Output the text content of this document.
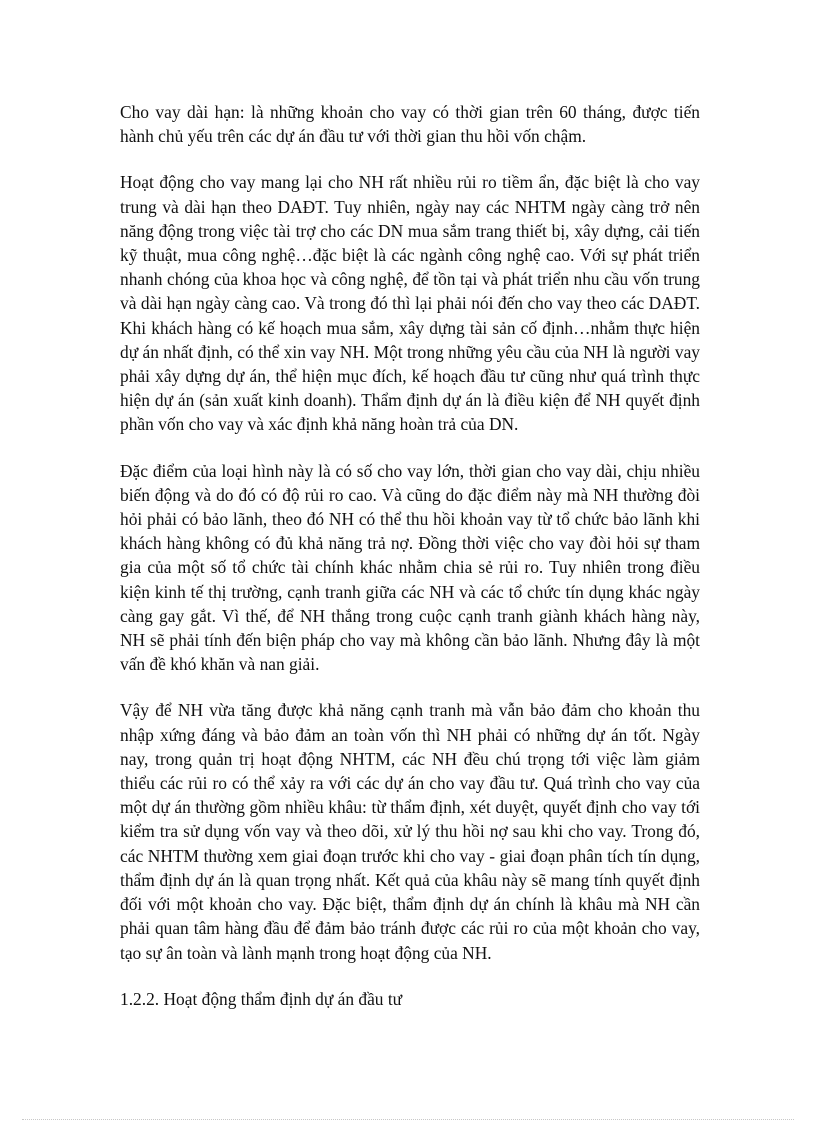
Cho vay dài hạn: là những khoản cho vay có thời gian trên 60 tháng, được tiến hành chủ yếu trên các dự án đầu tư với thời gian thu hồi vốn chậm.

Hoạt động cho vay mang lại cho NH rất nhiều rủi ro tiềm ẩn, đặc biệt là cho vay trung và dài hạn theo DAĐT. Tuy nhiên, ngày nay các NHTM ngày càng trở nên năng động trong việc tài trợ cho các DN mua sắm trang thiết bị, xây dựng, cải tiến kỹ thuật, mua công nghệ…đặc biệt là các ngành công nghệ cao. Với sự phát triển nhanh chóng của khoa học và công nghệ, để tồn tại và phát triển nhu cầu vốn trung và dài hạn ngày càng cao. Và trong đó thì lại phải nói đến cho vay theo các DAĐT. Khi khách hàng có kế hoạch mua sắm, xây dựng tài sản cố định…nhằm thực hiện dự án nhất định, có thể xin vay NH. Một trong những yêu cầu của NH là người vay phải xây dựng dự án, thể hiện mục đích, kế hoạch đầu tư cũng như quá trình thực hiện dự án (sản xuất kinh doanh). Thẩm định dự án là điều kiện để NH quyết định phần vốn cho vay và xác định khả năng hoàn trả của DN.

Đặc điểm của loại hình này là có số cho vay lớn, thời gian cho vay dài, chịu nhiều biến động và do đó có độ rủi ro cao. Và cũng do đặc điểm này mà NH thường đòi hỏi phải có bảo lãnh, theo đó NH có thể thu hồi khoản vay từ tổ chức bảo lãnh khi khách hàng không có đủ khả năng trả nợ. Đồng thời việc cho vay đòi hỏi sự tham gia của một số tổ chức tài chính khác nhằm chia sẻ rủi ro. Tuy nhiên trong điều kiện kinh tế thị trường, cạnh tranh giữa các NH và các tổ chức tín dụng khác ngày càng gay gắt. Vì thế, để NH thắng trong cuộc cạnh tranh giành khách hàng này, NH sẽ phải tính đến biện pháp cho vay mà không cần bảo lãnh. Nhưng đây là một vấn đề khó khăn và nan giải.

Vậy để NH vừa tăng được khả năng cạnh tranh mà vẫn bảo đảm cho khoản thu nhập xứng đáng và bảo đảm an toàn vốn thì NH phải có những dự án tốt. Ngày nay, trong quản trị hoạt động NHTM, các NH đều chú trọng tới việc làm giảm thiểu các rủi ro có thể xảy ra với các dự án cho vay đầu tư. Quá trình cho vay của một dự án thường gồm nhiều khâu: từ thẩm định, xét duyệt, quyết định cho vay tới kiểm tra sử dụng vốn vay và theo dõi, xử lý thu hồi nợ sau khi cho vay. Trong đó, các NHTM thường xem giai đoạn trước khi cho vay - giai đoạn phân tích tín dụng, thẩm định dự án là quan trọng nhất. Kết quả của khâu này sẽ mang tính quyết định đối với một khoản cho vay. Đặc biệt, thẩm định dự án chính là khâu mà NH cần phải quan tâm hàng đầu để đảm bảo tránh được các rủi ro của một khoản cho vay, tạo sự ân toàn và lành mạnh trong hoạt động của NH.

1.2.2. Hoạt động thẩm định dự án đầu tư
